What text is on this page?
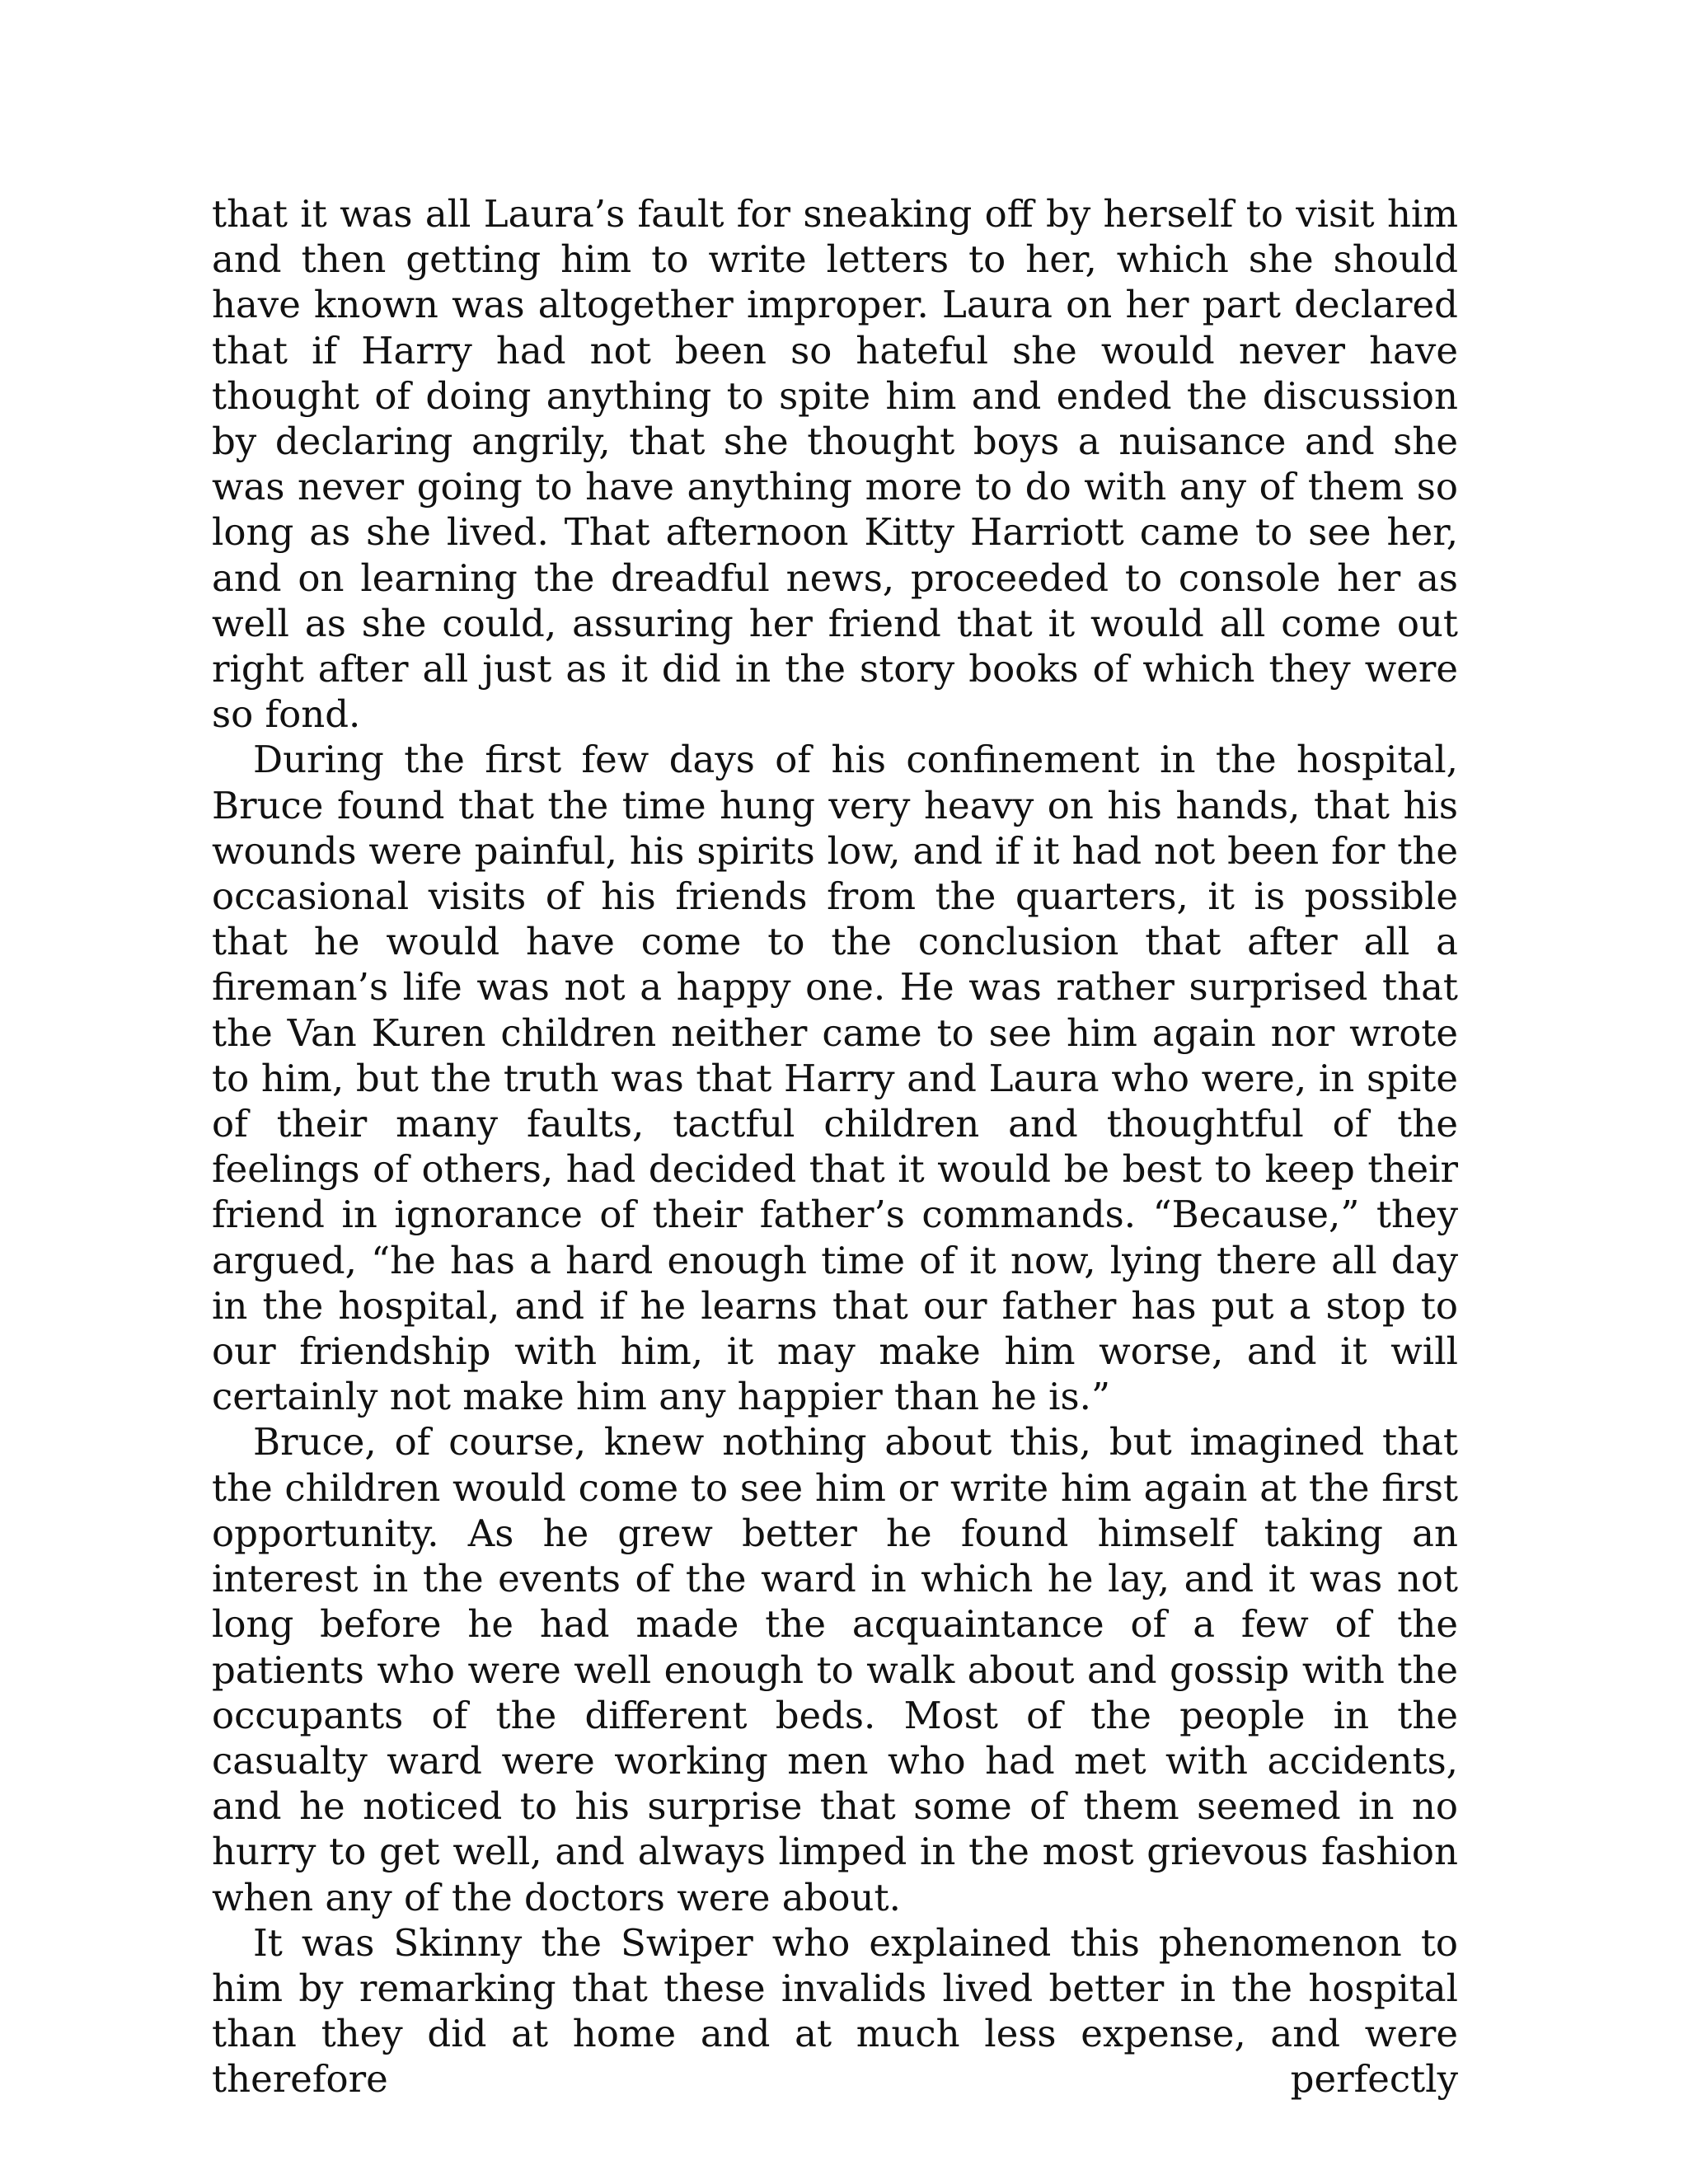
that it was all Laura’s fault for sneaking off by herself to visit him and then getting him to write letters to her, which she should have known was altogether improper. Laura on her part declared that if Harry had not been so hateful she would never have thought of doing anything to spite him and ended the discussion by declaring angrily, that she thought boys a nuisance and she was never going to have anything more to do with any of them so long as she lived. That afternoon Kitty Harriott came to see her, and on learning the dreadful news, proceeded to console her as well as she could, assuring her friend that it would all come out right after all just as it did in the story books of which they were so fond.

During the first few days of his confinement in the hospital, Bruce found that the time hung very heavy on his hands, that his wounds were painful, his spirits low, and if it had not been for the occasional visits of his friends from the quarters, it is possible that he would have come to the conclusion that after all a fireman’s life was not a happy one. He was rather surprised that the Van Kuren children neither came to see him again nor wrote to him, but the truth was that Harry and Laura who were, in spite of their many faults, tactful children and thoughtful of the feelings of others, had decided that it would be best to keep their friend in ignorance of their father’s commands. “Because,” they argued, “he has a hard enough time of it now, lying there all day in the hospital, and if he learns that our father has put a stop to our friendship with him, it may make him worse, and it will certainly not make him any happier than he is.”

Bruce, of course, knew nothing about this, but imagined that the children would come to see him or write him again at the first opportunity. As he grew better he found himself taking an interest in the events of the ward in which he lay, and it was not long before he had made the acquaintance of a few of the patients who were well enough to walk about and gossip with the occupants of the different beds. Most of the people in the casualty ward were working men who had met with accidents, and he noticed to his surprise that some of them seemed in no hurry to get well, and always limped in the most grievous fashion when any of the doctors were about.

It was Skinny the Swiper who explained this phenomenon to him by remarking that these invalids lived better in the hospital than they did at home and at much less expense, and were therefore perfectly
